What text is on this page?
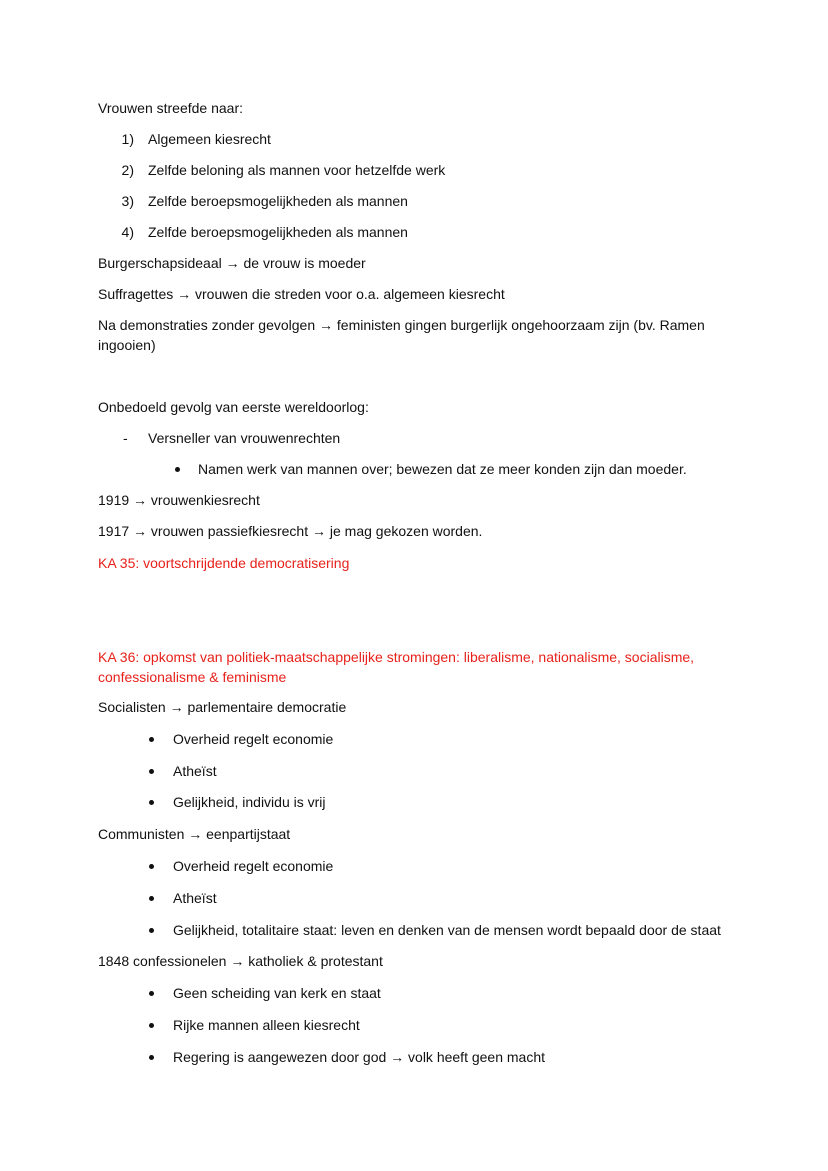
Vrouwen streefde naar:
1) Algemeen kiesrecht
2) Zelfde beloning als mannen voor hetzelfde werk
3) Zelfde beroepsmogelijkheden als mannen
4) Zelfde beroepsmogelijkheden als mannen
Burgerschapsideaal → de vrouw is moeder
Suffragettes → vrouwen die streden voor o.a. algemeen kiesrecht
Na demonstraties zonder gevolgen → feministen gingen burgerlijk ongehoorzaam zijn (bv. Ramen ingooien)
Onbedoeld gevolg van eerste wereldoorlog:
- Versneller van vrouwenrechten
Namen werk van mannen over; bewezen dat ze meer konden zijn dan moeder.
1919 → vrouwenkiesrecht
1917 → vrouwen passiefkiesrecht → je mag gekozen worden.
KA 35: voortschrijdende democratisering
KA 36: opkomst van politiek-maatschappelijke stromingen: liberalisme, nationalisme, socialisme, confessionalisme & feminisme
Socialisten → parlementaire democratie
Overheid regelt economie
Atheïst
Gelijkheid, individu is vrij
Communisten → eenpartijstaat
Overheid regelt economie
Atheïst
Gelijkheid, totalitaire staat: leven en denken van de mensen wordt bepaald door de staat
1848 confessionelen → katholiek & protestant
Geen scheiding van kerk en staat
Rijke mannen alleen kiesrecht
Regering is aangewezen door god → volk heeft geen macht
